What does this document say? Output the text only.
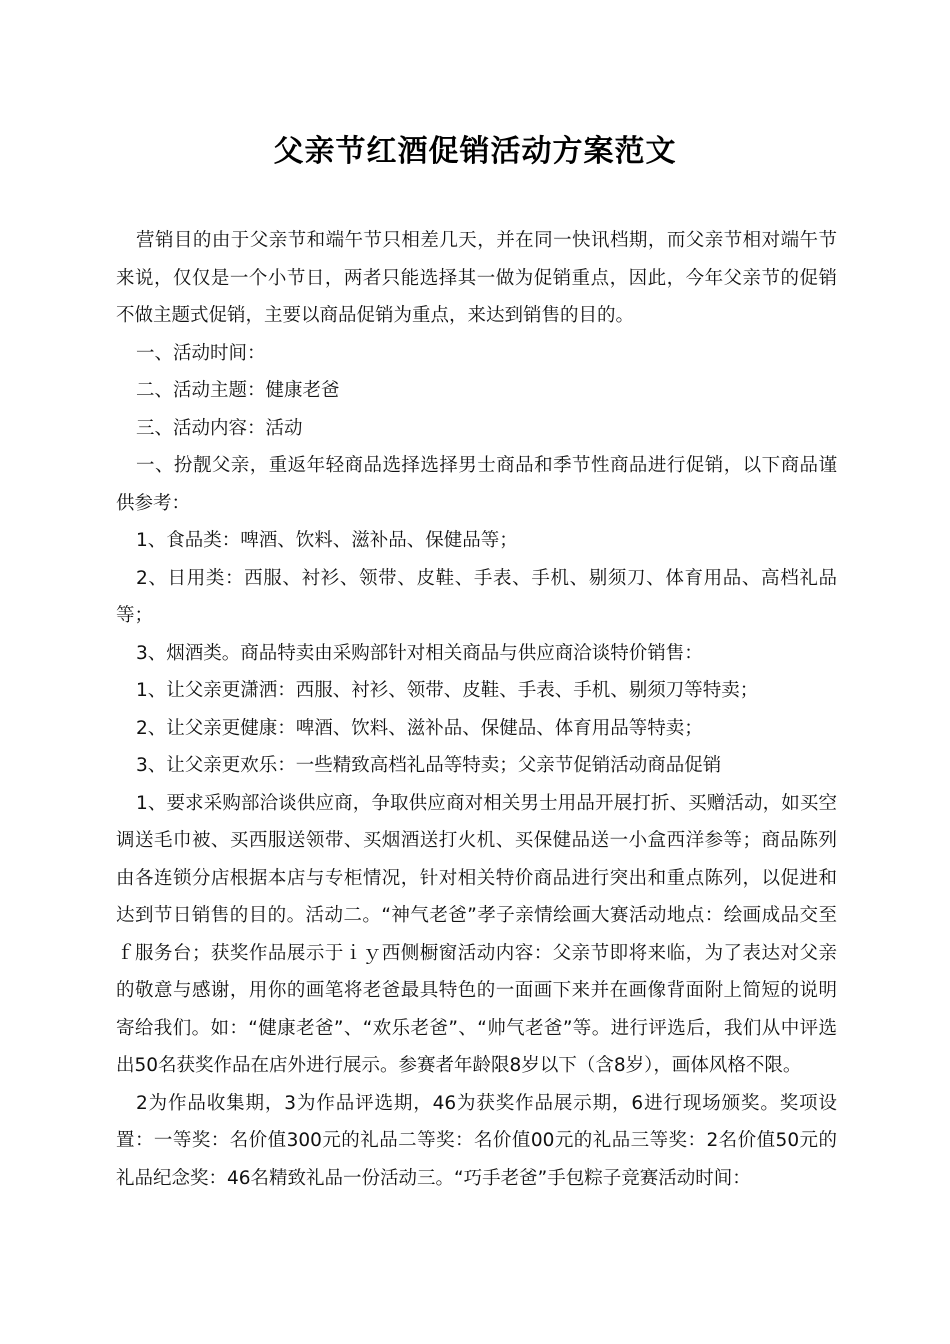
父亲节红酒促销活动方案范文

营销目的由于父亲节和端午节只相差几天，并在同一快讯档期，而父亲节相对端午节来说，仅仅是一个小节日，两者只能选择其一做为促销重点，因此，今年父亲节的促销不做主题式促销，主要以商品促销为重点，来达到销售的目的。

一、活动时间：

二、活动主题：健康老爸

三、活动内容：活动

一、扮靓父亲，重返年轻商品选择选择男士商品和季节性商品进行促销，以下商品谨供参考：

1、食品类：啤酒、饮料、滋补品、保健品等；

2、日用类：西服、衬衫、领带、皮鞋、手表、手机、剔须刀、体育用品、高档礼品等；

3、烟酒类。商品特卖由采购部针对相关商品与供应商洽谈特价销售：

1、让父亲更潇洒：西服、衬衫、领带、皮鞋、手表、手机、剔须刀等特卖；

2、让父亲更健康：啤酒、饮料、滋补品、保健品、体育用品等特卖；

3、让父亲更欢乐：一些精致高档礼品等特卖；父亲节促销活动商品促销

1、要求采购部洽谈供应商，争取供应商对相关男士用品开展打折、买赠活动，如买空调送毛巾被、买西服送领带、买烟酒送打火机、买保健品送一小盒西洋参等；商品陈列由各连锁分店根据本店与专柜情况，针对相关特价商品进行突出和重点陈列，以促进和达到节日销售的目的。活动二。“神气老爸”孝子亲情绘画大赛活动地点：绘画成品交至ｆ服务台；获奖作品展示于ｉｙ西侧橱窗活动内容：父亲节即将来临，为了表达对父亲的敬意与感谢，用你的画笔将老爸最具特色的一面画下来并在画像背面附上简短的说明寄给我们。如：“健康老爸”、“欢乐老爸”、“帅气老爸”等。进行评选后，我们从中评选出50名获奖作品在店外进行展示。参赛者年龄限8岁以下（含8岁），画体风格不限。

2为作品收集期，3为作品评选期，46为获奖作品展示期，6进行现场颁奖。奖项设置：一等奖：名价值300元的礼品二等奖：名价值00元的礼品三等奖：2名价值50元的礼品纪念奖：46名精致礼品一份活动三。“巧手老爸”手包粽子竞赛活动时间：
